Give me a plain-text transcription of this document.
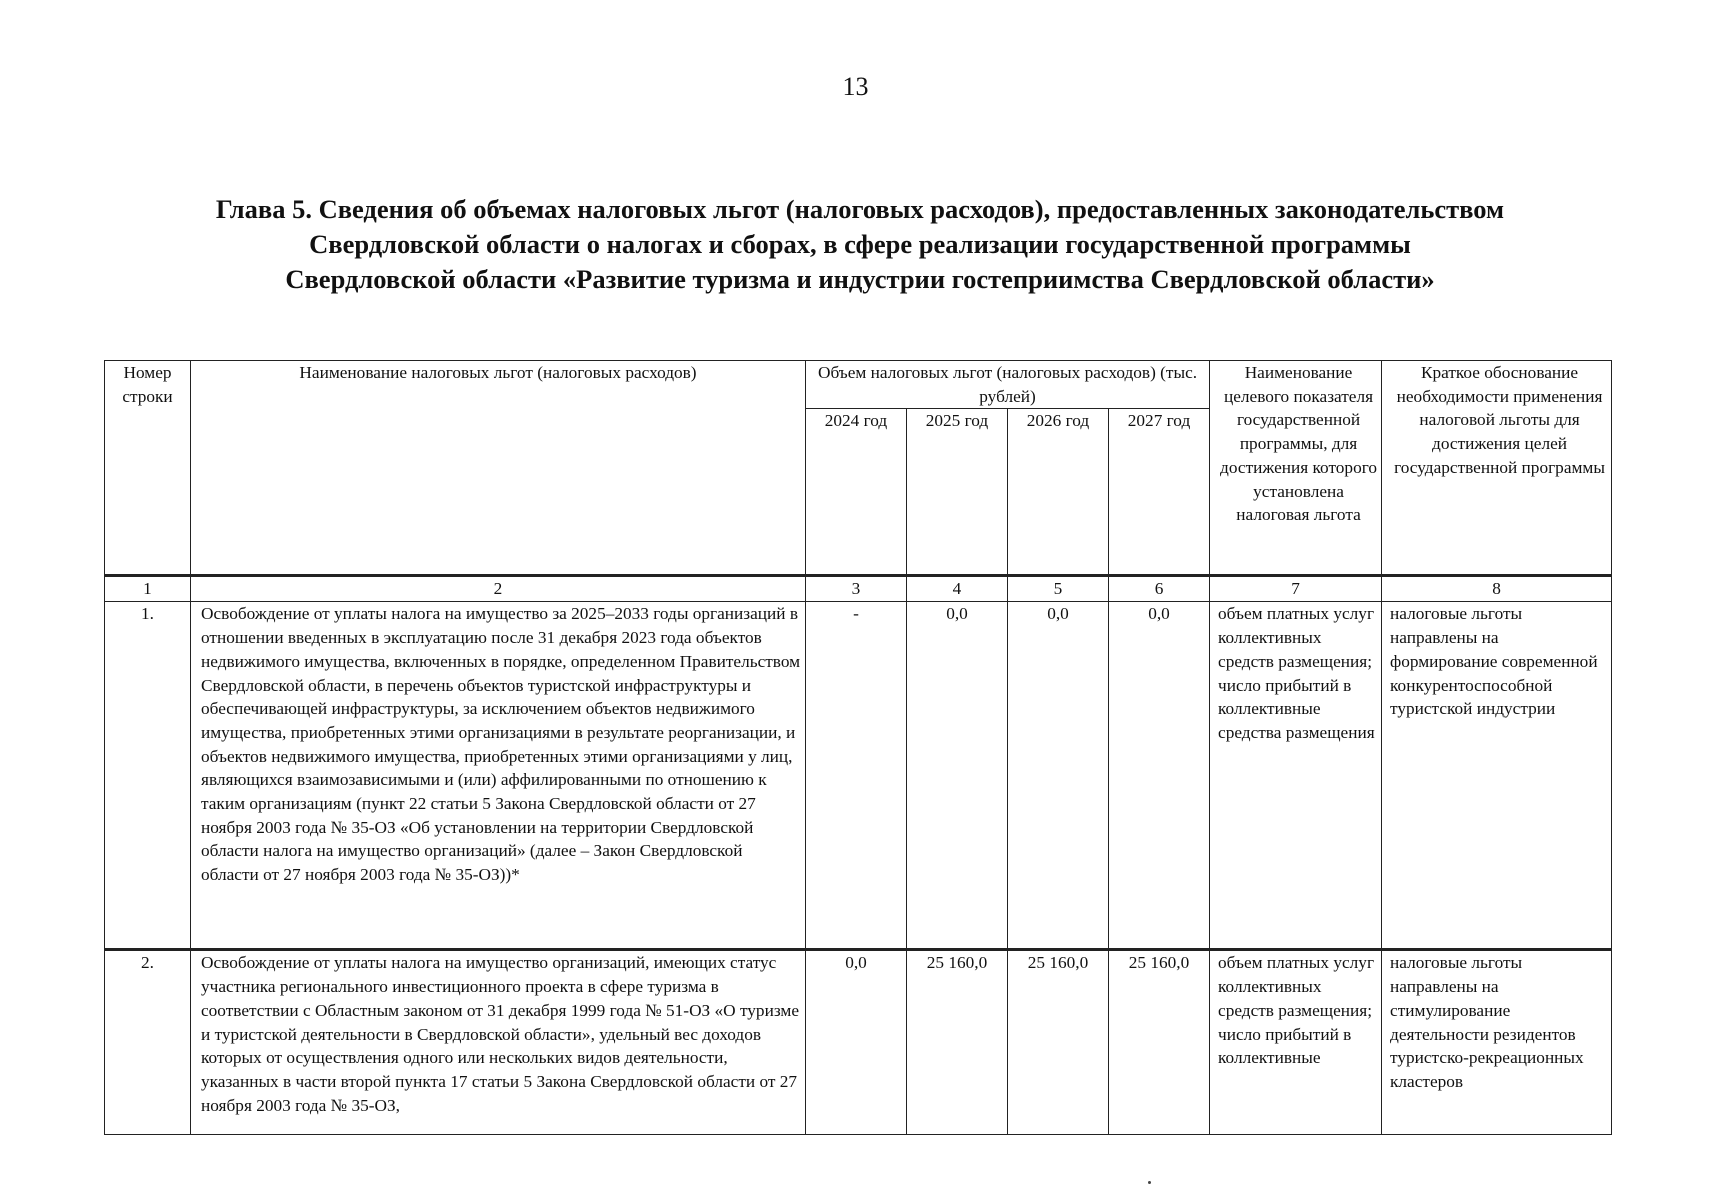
13
Глава 5. Сведения об объемах налоговых льгот (налоговых расходов), предоставленных законодательством
Свердловской области о налогах и сборах, в сфере реализации государственной программы
Свердловской области «Развитие туризма и индустрии гостеприимства Свердловской области»
Номер строки	Наименование налоговых льгот (налоговых расходов)	Объем налоговых льгот (налоговых расходов) (тыс. рублей)				Наименование целевого показателя государственной программы, для достижения которого установлена налоговая льгота	Краткое обоснование необходимости применения налоговой льготы для достижения целей государственной программы
		2024 год	2025 год	2026 год	2027 год		
1	2	3	4	5	6	7	8
1.	Освобождение от уплаты налога на имущество за 2025–2033 годы организаций в отношении введенных в эксплуатацию после 31 декабря 2023 года объектов недвижимого имущества, включенных в порядке, определенном Правительством Свердловской области, в перечень объектов туристской инфраструктуры и обеспечивающей инфраструктуры, за исключением объектов недвижимого имущества, приобретенных этими организациями в результате реорганизации, и объектов недвижимого имущества, приобретенных этими организациями у лиц, являющихся взаимозависимыми и (или) аффилированными по отношению к таким организациям (пункт 22 статьи 5 Закона Свердловской области от 27 ноября 2003 года № 35-ОЗ «Об установлении на территории Свердловской области налога на имущество организаций» (далее – Закон Свердловской области от 27 ноября 2003 года № 35-ОЗ))*	-	0,0	0,0	0,0	объем платных услуг коллективных средств размещения; число прибытий в коллективные средства размещения	налоговые льготы направлены на формирование современной конкурентоспособной туристской индустрии
2.	Освобождение от уплаты налога на имущество организаций, имеющих статус участника регионального инвестиционного проекта в сфере туризма в соответствии с Областным законом от 31 декабря 1999 года № 51-ОЗ «О туризме и туристской деятельности в Свердловской области», удельный вес доходов которых от осуществления одного или нескольких видов деятельности, указанных в части второй пункта 17 статьи 5 Закона Свердловской области от 27 ноября 2003 года № 35-ОЗ,	0,0	25 160,0	25 160,0	25 160,0	объем платных услуг коллективных средств размещения; число прибытий в коллективные	налоговые льготы направлены на стимулирование деятельности резидентов туристско-рекреационных кластеров
